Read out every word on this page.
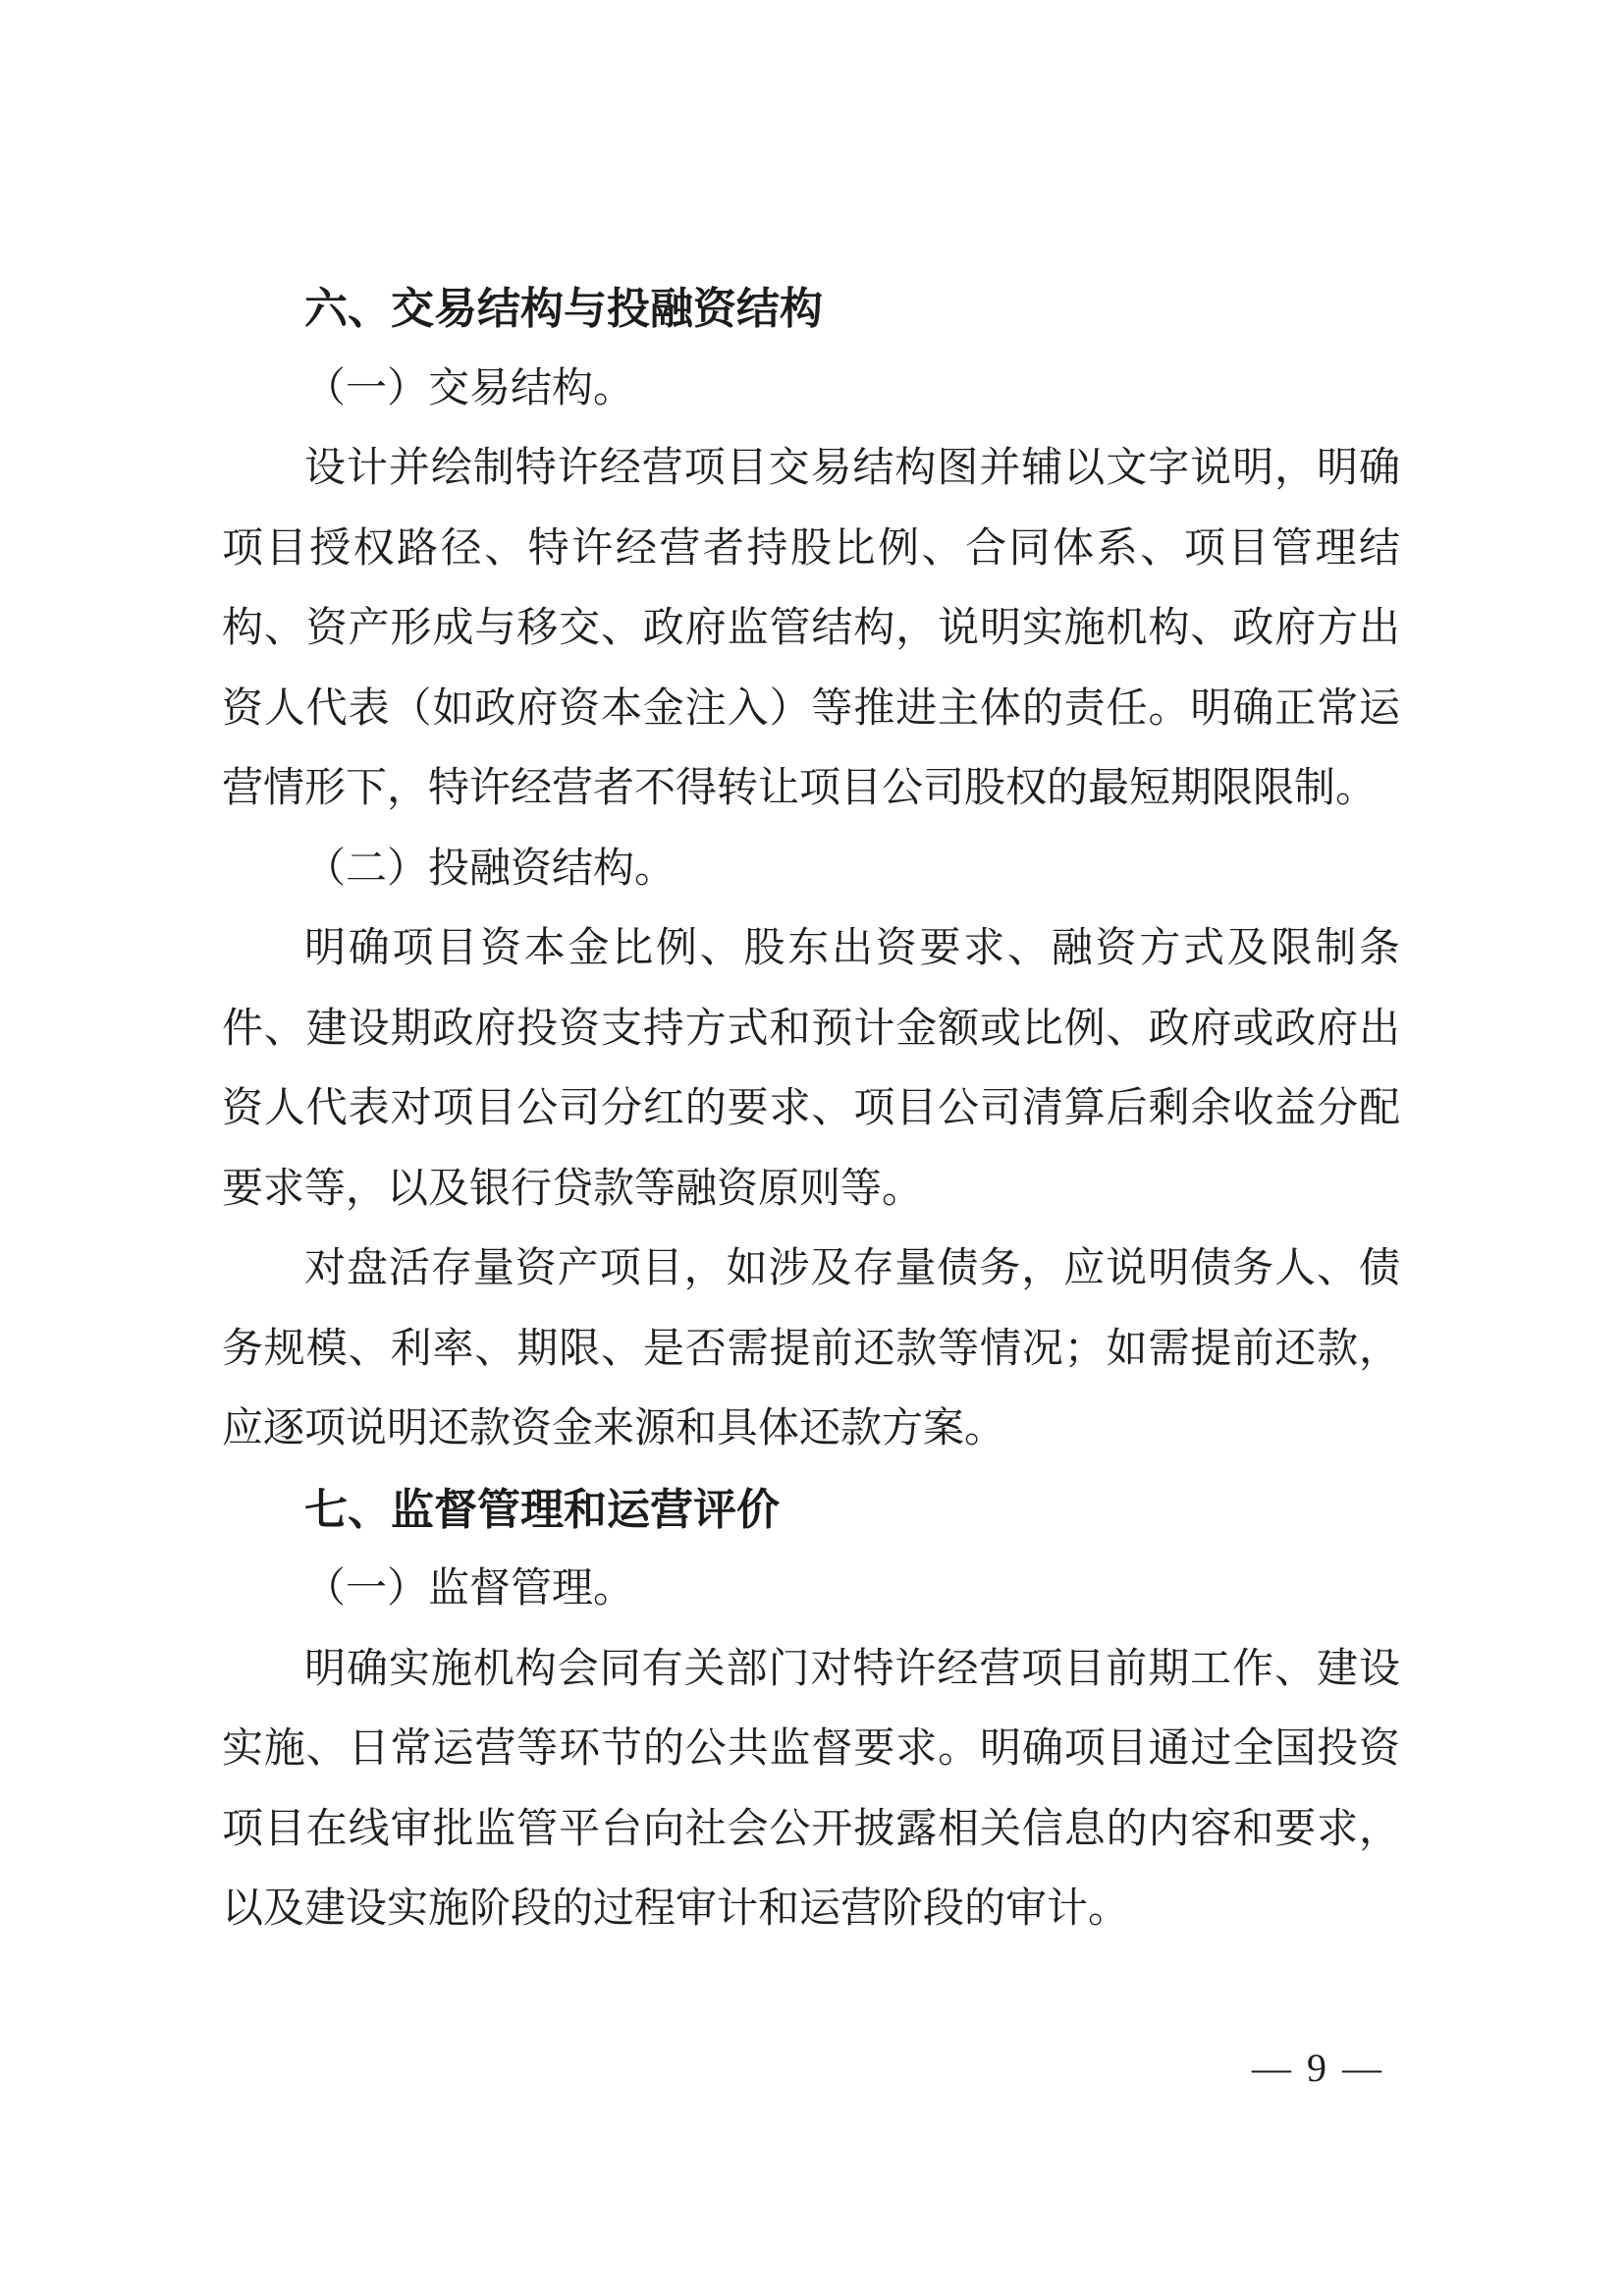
六、交易结构与投融资结构
（一）交易结构。
设计并绘制特许经营项目交易结构图并辅以文字说明，明确
项目授权路径、特许经营者持股比例、合同体系、项目管理结
构、资产形成与移交、政府监管结构，说明实施机构、政府方出
资人代表（如政府资本金注入）等推进主体的责任。明确正常运
营情形下，特许经营者不得转让项目公司股权的最短期限限制。
（二）投融资结构。
明确项目资本金比例、股东出资要求、融资方式及限制条
件、建设期政府投资支持方式和预计金额或比例、政府或政府出
资人代表对项目公司分红的要求、项目公司清算后剩余收益分配
要求等，以及银行贷款等融资原则等。
对盘活存量资产项目，如涉及存量债务，应说明债务人、债
务规模、利率、期限、是否需提前还款等情况；如需提前还款，
应逐项说明还款资金来源和具体还款方案。
七、监督管理和运营评价
（一）监督管理。
明确实施机构会同有关部门对特许经营项目前期工作、建设
实施、日常运营等环节的公共监督要求。明确项目通过全国投资
项目在线审批监管平台向社会公开披露相关信息的内容和要求，
以及建设实施阶段的过程审计和运营阶段的审计。
— 9 —
